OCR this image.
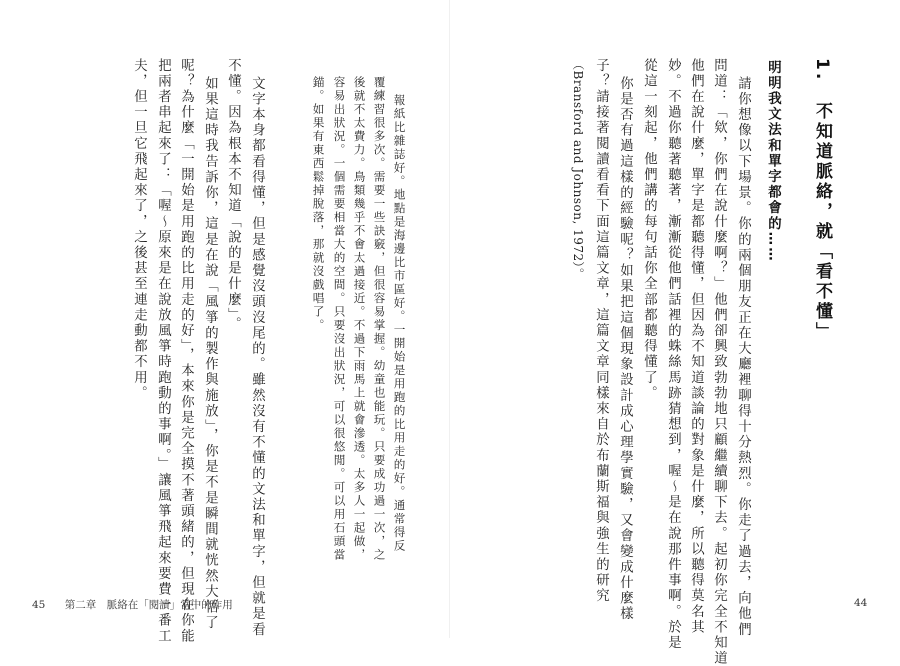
1.　不知道脈絡，就「看不懂」
明明我文法和單字都會的……
請你想像以下場景。你的兩個朋友正在大廳裡聊得十分熱烈。你走了過去，向他們
問道：「欸，你們在說什麼啊？」他們卻興致勃勃地只顧繼續聊下去。起初你完全不知道
他們在說什麼，單字是都聽得懂，但因為不知道談論的對象是什麼，所以聽得莫名其
妙。不過你聽著聽著，漸漸從他們話裡的蛛絲馬跡猜想到，喔～是在說那件事啊。於是
從這一刻起，他們講的每句話你全部都聽得懂了。
你是否有過這樣的經驗呢？如果把這個現象設計成心理學實驗，又會變成什麼樣
子？請接著閱讀看看下面這篇文章，這篇文章同樣來自於布蘭斯福與強生的研究
（Bransford and Johnson, 1972）。
44
報紙比雜誌好。地點是海邊比市區好。一開始是用跑的比用走的好。通常得反
覆練習很多次。需要一些訣竅，但很容易掌握。幼童也能玩。只要成功過一次，之
後就不太費力。鳥類幾乎不會太過接近。不過下雨馬上就會滲透。太多人一起做，
容易出狀況。一個需要相當大的空間。只要沒出狀況，可以很悠閒。可以用石頭當
錨。如果有東西鬆掉脫落，那就沒戲唱了。
文字本身都看得懂，但是感覺沒頭沒尾的。雖然沒有不懂的文法和單字，但就是看
不懂。因為根本不知道「說的是什麼」。
如果這時我告訴你，這是在說「風箏的製作與施放」，你是不是瞬間就恍然大悟了
呢？為什麼「一開始是用跑的比用走的好」，本來你是完全摸不著頭緒的，但現在你能
把兩者串起來了：「喔～原來是在說放風箏時跑動的事啊。」讓風箏飛起來要費一番工
夫，但一旦它飛起來了，之後甚至連走動都不用。
45 第二章　脈絡在「閱讀」當中的作用
